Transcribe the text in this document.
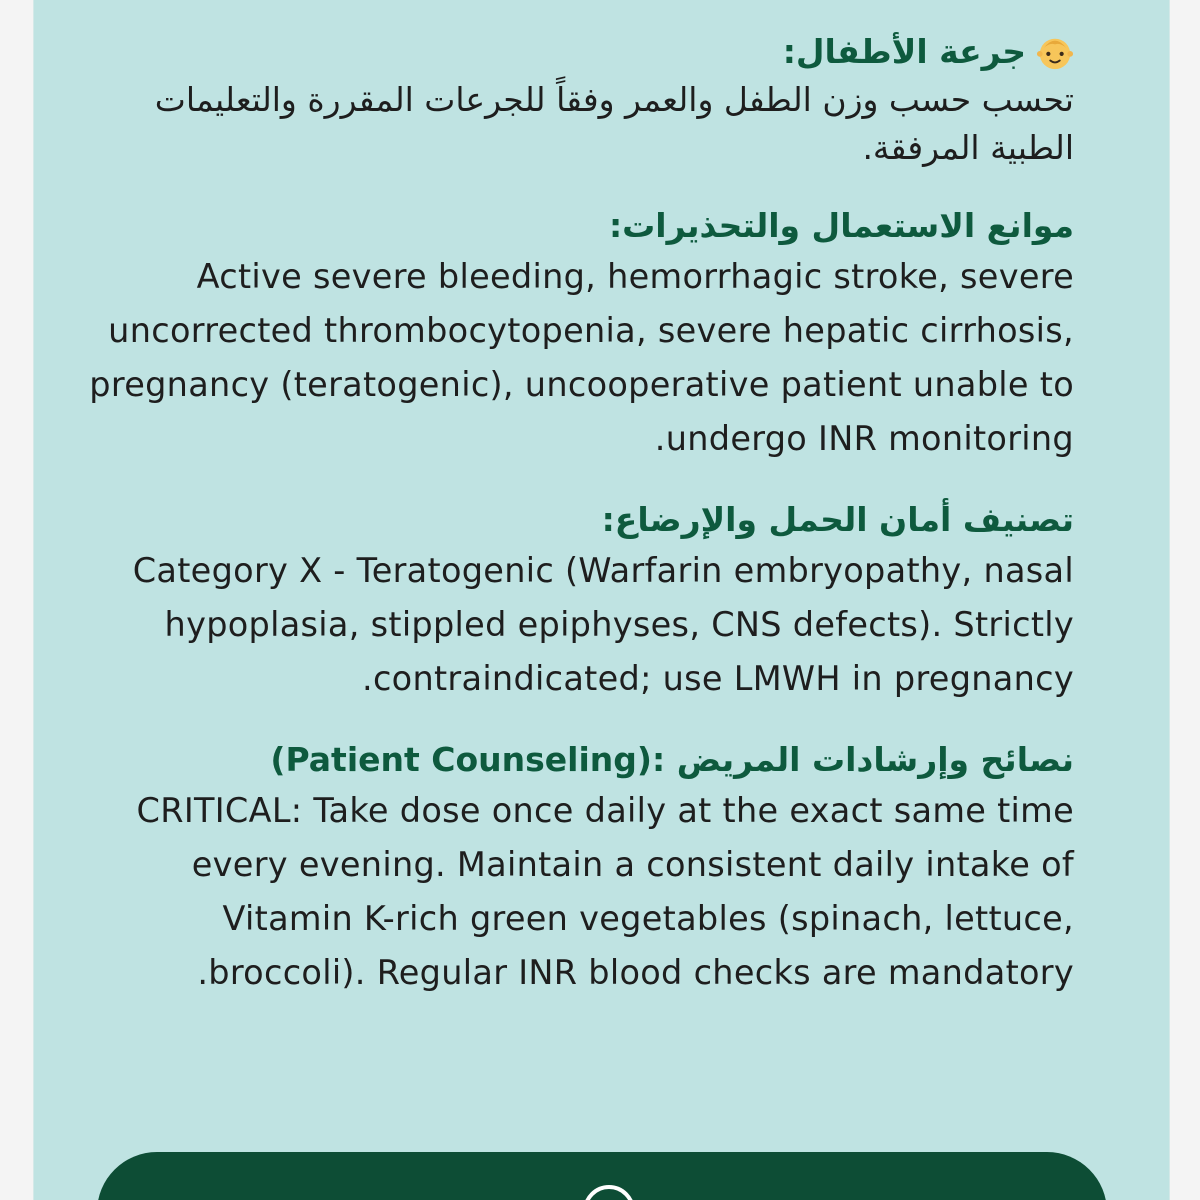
جرعة الأطفال:

تحسب حسب وزن الطفل والعمر وفقاً للجرعات المقررة والتعليمات الطبية المرفقة.

موانع الاستعمال والتحذيرات:

Active severe bleeding, hemorrhagic stroke, severe uncorrected thrombocytopenia, severe hepatic cirrhosis, pregnancy (teratogenic), uncooperative patient unable to undergo INR monitoring.

تصنيف أمان الحمل والإرضاع:

Category X - Teratogenic (Warfarin embryopathy, nasal hypoplasia, stippled epiphyses, CNS defects). Strictly contraindicated; use LMWH in pregnancy.

نصائح وإرشادات المريض (Patient Counseling):

CRITICAL: Take dose once daily at the exact same time every evening. Maintain a consistent daily intake of Vitamin K-rich green vegetables (spinach, lettuce, broccoli). Regular INR blood checks are mandatory.
